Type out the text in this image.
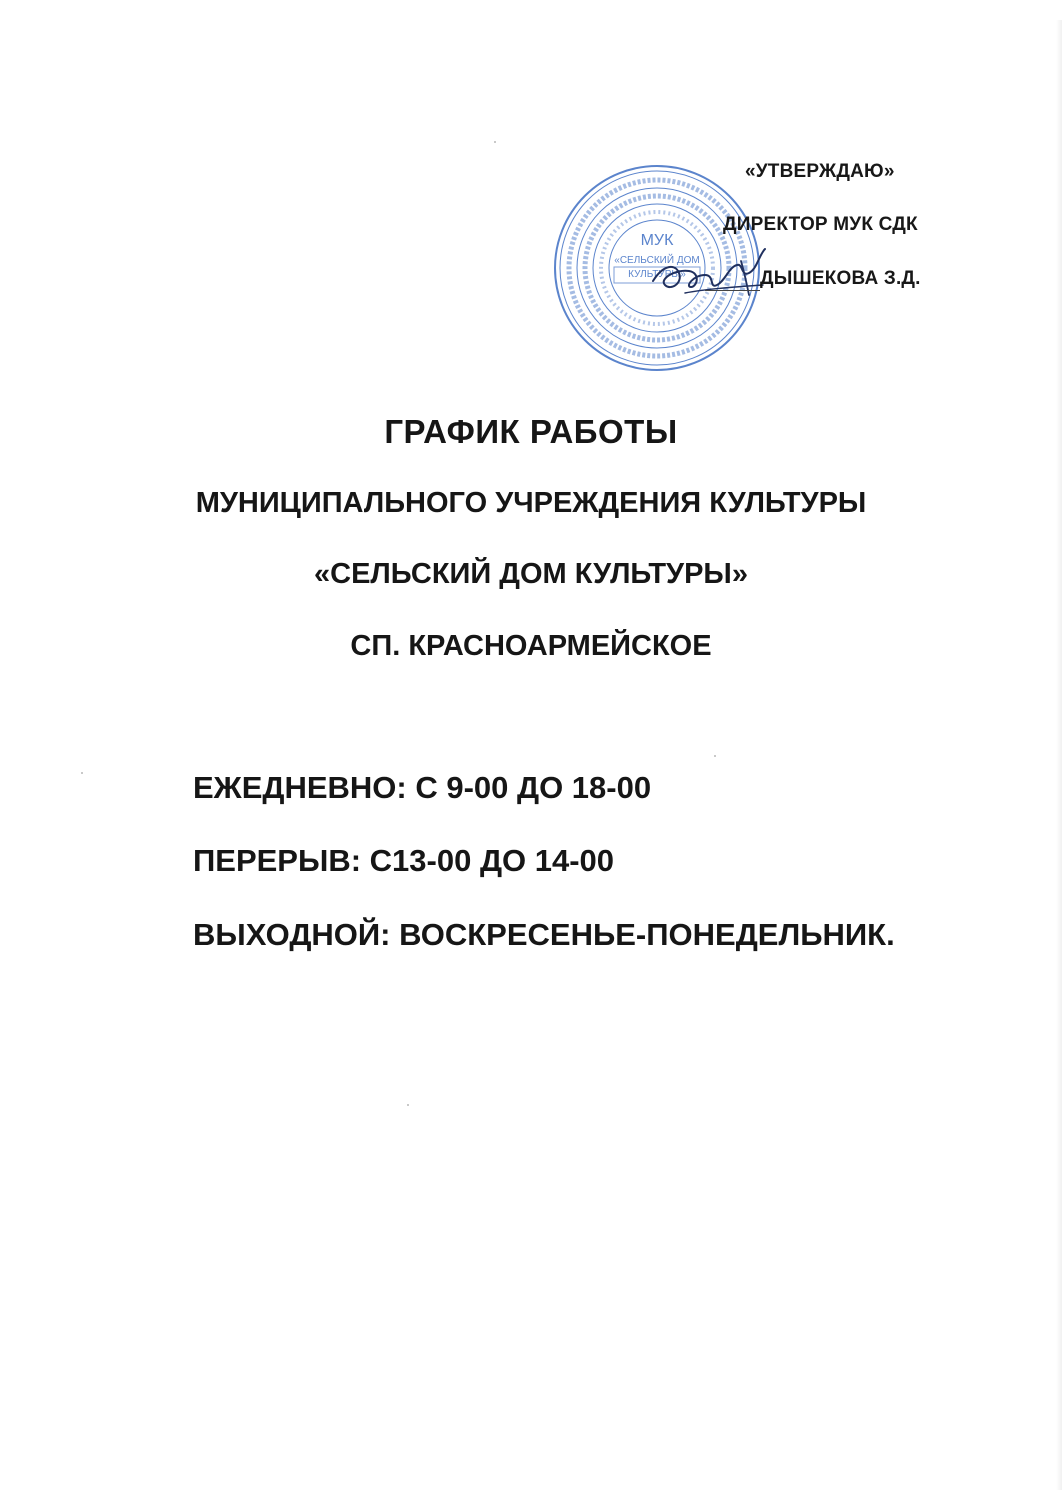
МУК
«СЕЛЬСКИЙ ДОМ
КУЛЬТУРЫ»
«УТВЕРЖДАЮ»
ДИРЕКТОР МУК СДК
ДЫШЕКОВА З.Д.
ГРАФИК РАБОТЫ
МУНИЦИПАЛЬНОГО УЧРЕЖДЕНИЯ КУЛЬТУРЫ
«СЕЛЬСКИЙ ДОМ КУЛЬТУРЫ»
СП. КРАСНОАРМЕЙСКОЕ
ЕЖЕДНЕВНО: С 9-00 ДО 18-00
ПЕРЕРЫВ: С13-00 ДО 14-00
ВЫХОДНОЙ: ВОСКРЕСЕНЬЕ-ПОНЕДЕЛЬНИК.
